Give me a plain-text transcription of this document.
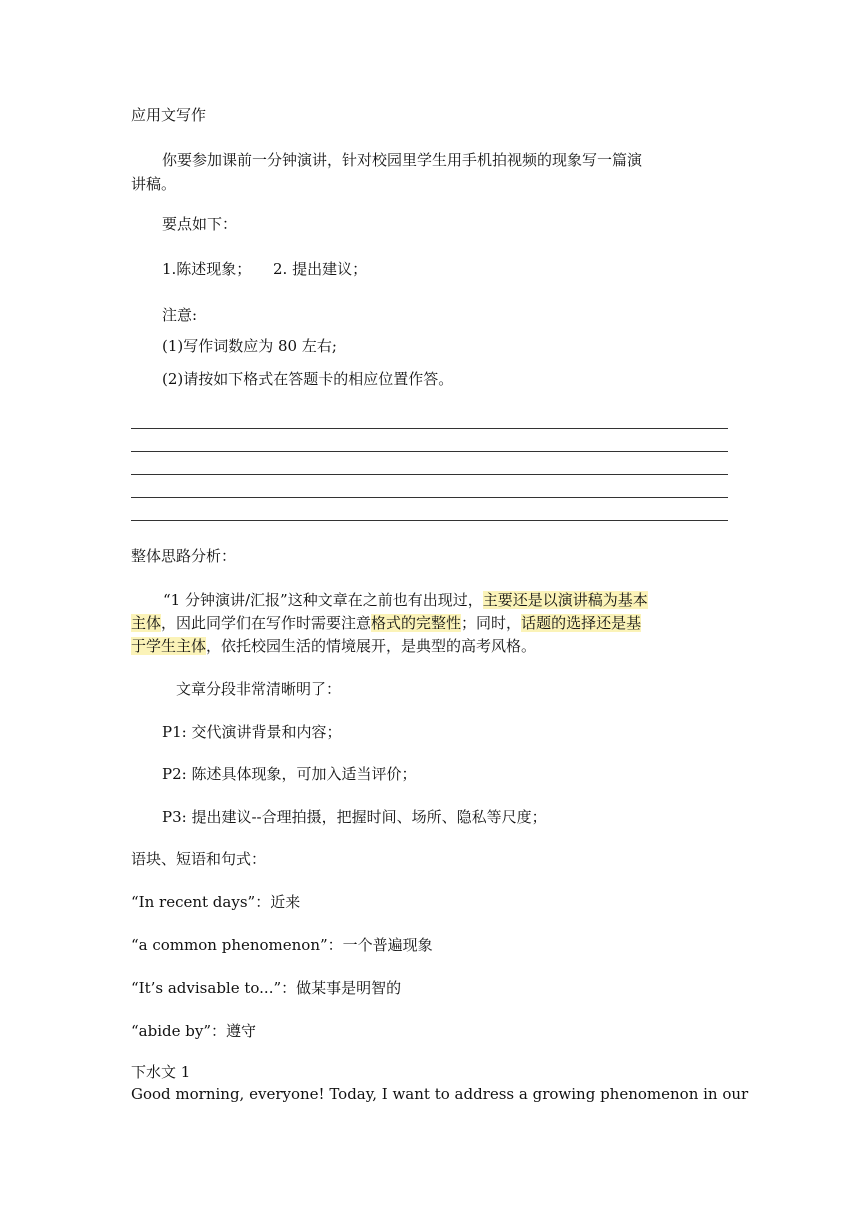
应用文写作
你要参加课前一分钟演讲，针对校园里学生用手机拍视频的现象写一篇演
讲稿。
要点如下：
1.陈述现象； 2. 提出建议；
注意:
(1)写作词数应为 80 左右;
(2)请按如下格式在答题卡的相应位置作答。
整体思路分析：
“1 分钟演讲/汇报”这种文章在之前也有出现过，主要还是以演讲稿为基本
主体，因此同学们在写作时需要注意格式的完整性；同时，话题的选择还是基
于学生主体，依托校园生活的情境展开，是典型的高考风格。
文章分段非常清晰明了：
P1: 交代演讲背景和内容；
P2: 陈述具体现象，可加入适当评价；
P3: 提出建议--合理拍摄，把握时间、场所、隐私等尺度；
语块、短语和句式：
“In recent days”：近来
“a common phenomenon”：一个普遍现象
“It’s advisable to...”：做某事是明智的
“abide by”：遵守
下水文 1
Good morning, everyone! Today, I want to address a growing phenomenon in our
